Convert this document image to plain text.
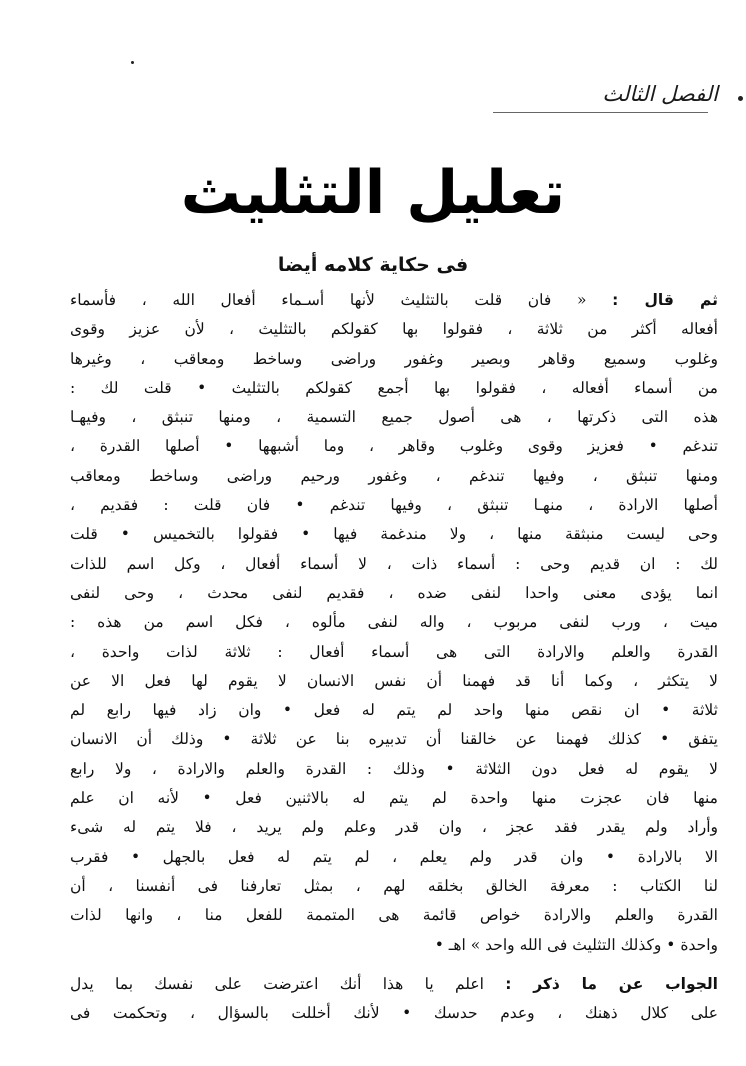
الفصل الثالث
تعليل التثليث
فى حكاية كلامه أيضا
ثم قال : « فان قلت بالتثليث لأنها أسـماء أفعال الله ، فأسماء
أفعاله أكثر من ثلاثة ، فقولوا بها كقولكم بالتثليث ، لأن عزيز وقوى
وغلوب وسميع وقاهر وبصير وغفور وراضى وساخط ومعاقب ، وغيرها
من أسماء أفعاله ، فقولوا بها أجمع كقولكم بالتثليث • قلت لك :
هذه التى ذكرتها ، هى أصول جميع التسمية ، ومنها تنبثق ، وفيهـا
تندغم • فعزيز وقوى وغلوب وقاهر ، وما أشبهها • أصلها القدرة ،
ومنها تنبثق ، وفيها تندغم ، وغفور ورحيم وراضى وساخط ومعاقب
أصلها الارادة ، منهـا تنبثق ، وفيها تندغم • فان قلت : فقديم ،
وحى ليست منبثقة منها ، ولا مندغمة فيها • فقولوا بالتخميس • قلت
لك : ان قديم وحى : أسماء ذات ، لا أسماء أفعال ، وكل اسم للذات
انما يؤدى معنى واحدا لنفى ضده ، فقديم لنفى محدث ، وحى لنفى
ميت ، ورب لنفى مربوب ، واله لنفى مألوه ، فكل اسم من هذه :
القدرة والعلم والارادة التى هى أسماء أفعال : ثلاثة لذات واحدة ،
لا يتكثر ، وكما أنا قد فهمنا أن نفس الانسان لا يقوم لها فعل الا عن
ثلاثة • ان نقص منها واحد لم يتم له فعل • وان زاد فيها رابع لم
يتفق • كذلك فهمنا عن خالقنا أن تدبيره بنا عن ثلاثة • وذلك أن الانسان
لا يقوم له فعل دون الثلاثة • وذلك : القدرة والعلم والارادة ، ولا رابع
منها فان عجزت منها واحدة لم يتم له بالاثنين فعل • لأنه ان علم
وأراد ولم يقدر فقد عجز ، وان قدر وعلم ولم يريد ، فلا يتم له شىء
الا بالارادة • وان قدر ولم يعلم ، لم يتم له فعل بالجهل • فقرب
لنا الكتاب : معرفة الخالق بخلقه لهم ، بمثل تعارفنا فى أنفسنا ، أن
القدرة والعلم والارادة خواص قائمة هى المتممة للفعل منا ، وانها لذات
واحدة • وكذلك التثليث فى الله واحد » اهـ •
الجواب عن ما ذكر : اعلم يا هذا أنك اعترضت على نفسك بما يدل
على كلال ذهنك ، وعدم حدسك • لأنك أخللت بالسؤال ، وتحكمت فى
